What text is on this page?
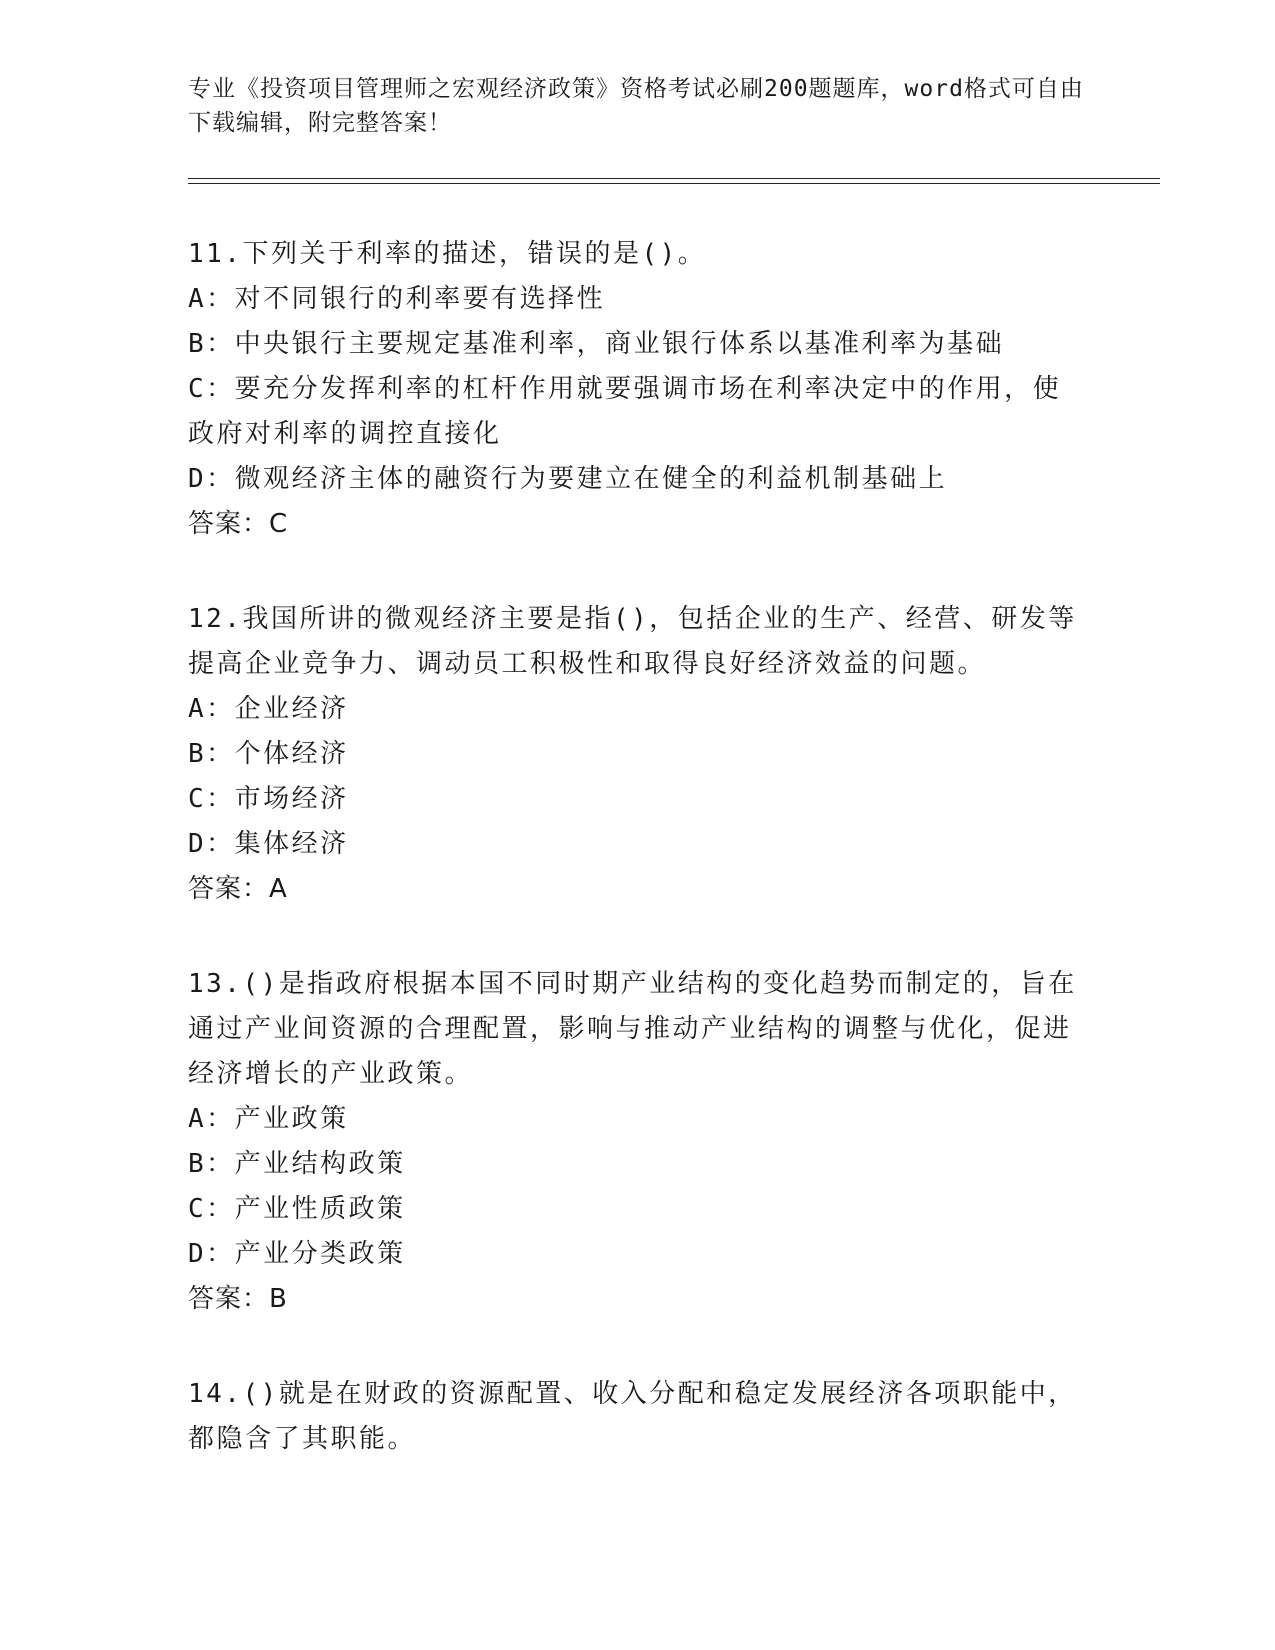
专业《投资项目管理师之宏观经济政策》资格考试必刷200题题库，word格式可自由下载编辑，附完整答案！
11.下列关于利率的描述，错误的是()。
A：对不同银行的利率要有选择性
B：中央银行主要规定基准利率，商业银行体系以基准利率为基础
C：要充分发挥利率的杠杆作用就要强调市场在利率决定中的作用，使政府对利率的调控直接化
D：微观经济主体的融资行为要建立在健全的利益机制基础上
答案：C
12.我国所讲的微观经济主要是指()，包括企业的生产、经营、研发等提高企业竞争力、调动员工积极性和取得良好经济效益的问题。
A：企业经济
B：个体经济
C：市场经济
D：集体经济
答案：A
13.()是指政府根据本国不同时期产业结构的变化趋势而制定的，旨在通过产业间资源的合理配置，影响与推动产业结构的调整与优化，促进经济增长的产业政策。
A：产业政策
B：产业结构政策
C：产业性质政策
D：产业分类政策
答案：B
14.()就是在财政的资源配置、收入分配和稳定发展经济各项职能中，都隐含了其职能。
